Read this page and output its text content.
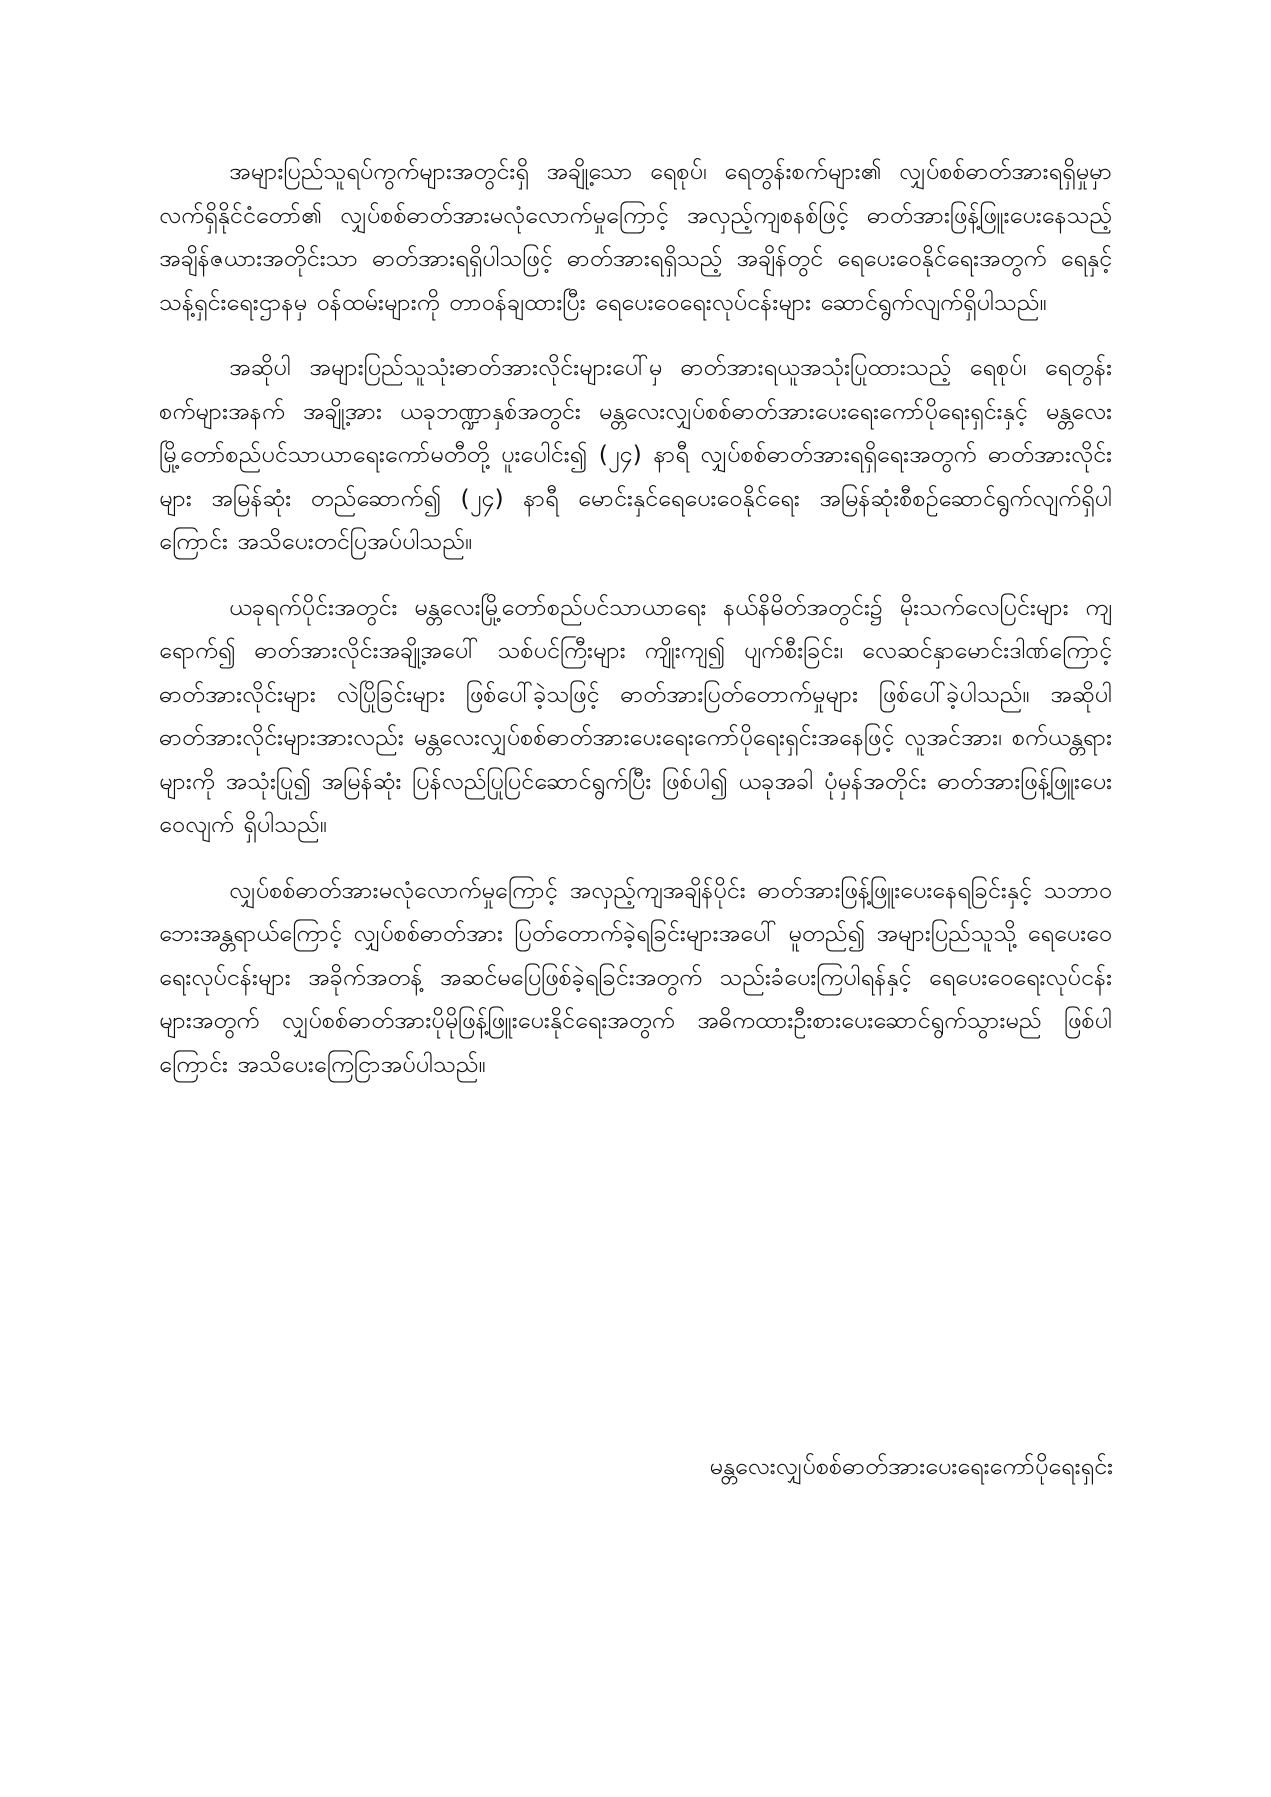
အများပြည်သူရပ်ကွက်များအတွင်းရှိ အချို့သော ရေစုပ်၊ ရေတွန်းစက်များ၏ လျှပ်စစ်ဓာတ်အားရရှိမှုမှာ လက်ရှိနိုင်ငံတော်၏ လျှပ်စစ်ဓာတ်အားမလုံလောက်မှုကြောင့် အလှည့်ကျစနစ်ဖြင့် ဓာတ်အားဖြန့်ဖြူးပေးနေသည့် အချိန်ဇယားအတိုင်းသာ ဓာတ်အားရရှိပါသဖြင့် ဓာတ်အားရရှိသည့် အချိန်တွင် ရေပေးဝေနိုင်ရေးအတွက် ရေနှင့်သန့်ရှင်းရေးဌာနမှ ဝန်ထမ်းများကို တာဝန်ချထားပြီး ရေပေးဝေရေးလုပ်ငန်းများ ဆောင်ရွက်လျက်ရှိပါသည်။

အဆိုပါ အများပြည်သူသုံးဓာတ်အားလိုင်းများပေါ်မှ ဓာတ်အားရယူအသုံးပြုထားသည့် ရေစုပ်၊ ရေတွန်းစက်များအနက် အချို့အား ယခုဘဏ္ဍာနှစ်အတွင်း မန္တလေးလျှပ်စစ်ဓာတ်အားပေးရေးကော်ပိုရေးရှင်းနှင့် မန္တလေးမြို့တော်စည်ပင်သာယာရေးကော်မတီတို့ ပူးပေါင်း၍ (၂၄) နာရီ လျှပ်စစ်ဓာတ်အားရရှိရေးအတွက် ဓာတ်အားလိုင်းများ အမြန်ဆုံး တည်ဆောက်၍ (၂၄) နာရီ မောင်းနှင်ရေပေးဝေနိုင်ရေး အမြန်ဆုံးစီစဉ်ဆောင်ရွက်လျက်ရှိပါကြောင်း အသိပေးတင်ပြအပ်ပါသည်။

ယခုရက်ပိုင်းအတွင်း မန္တလေးမြို့တော်စည်ပင်သာယာရေး နယ်နိမိတ်အတွင်း၌ မိုးသက်လေပြင်းများ ကျရောက်၍ ဓာတ်အားလိုင်းအချို့အပေါ် သစ်ပင်ကြီးများ ကျိုးကျ၍ ပျက်စီးခြင်း၊ လေဆင်နှာမောင်းဒါဏ်ကြောင့် ဓာတ်အားလိုင်းများ လဲပြိုခြင်းများ ဖြစ်ပေါ်ခဲ့သဖြင့် ဓာတ်အားပြတ်တောက်မှုများ ဖြစ်ပေါ်ခဲ့ပါသည်။ အဆိုပါ ဓာတ်အားလိုင်းများအားလည်း မန္တလေးလျှပ်စစ်ဓာတ်အားပေးရေးကော်ပိုရေးရှင်းအနေဖြင့် လူအင်အား၊ စက်ယန္တရားများကို အသုံးပြု၍ အမြန်ဆုံး ပြန်လည်ပြုပြင်ဆောင်ရွက်ပြီး ဖြစ်ပါ၍ ယခုအခါ ပုံမှန်အတိုင်း ဓာတ်အားဖြန့်ဖြူးပေးဝေလျက် ရှိပါသည်။

လျှပ်စစ်ဓာတ်အားမလုံလောက်မှုကြောင့် အလှည့်ကျအချိန်ပိုင်း ဓာတ်အားဖြန့်ဖြူးပေးနေရခြင်းနှင့် သဘာဝဘေးအန္တရာယ်ကြောင့် လျှပ်စစ်ဓာတ်အား ပြတ်တောက်ခဲ့ရခြင်းများအပေါ် မူတည်၍ အများပြည်သူသို့ ရေပေးဝေရေးလုပ်ငန်းများ အခိုက်အတန့် အဆင်မပြေဖြစ်ခဲ့ရခြင်းအတွက် သည်းခံပေးကြပါရန်နှင့် ရေပေးဝေရေးလုပ်ငန်းများအတွက် လျှပ်စစ်ဓာတ်အားပိုမိုဖြန့်ဖြူးပေးနိုင်ရေးအတွက် အဓိကထားဦးစားပေးဆောင်ရွက်သွားမည် ဖြစ်ပါကြောင်း အသိပေးကြေငြာအပ်ပါသည်။

မန္တလေးလျှပ်စစ်ဓာတ်အားပေးရေးကော်ပိုရေးရှင်း
